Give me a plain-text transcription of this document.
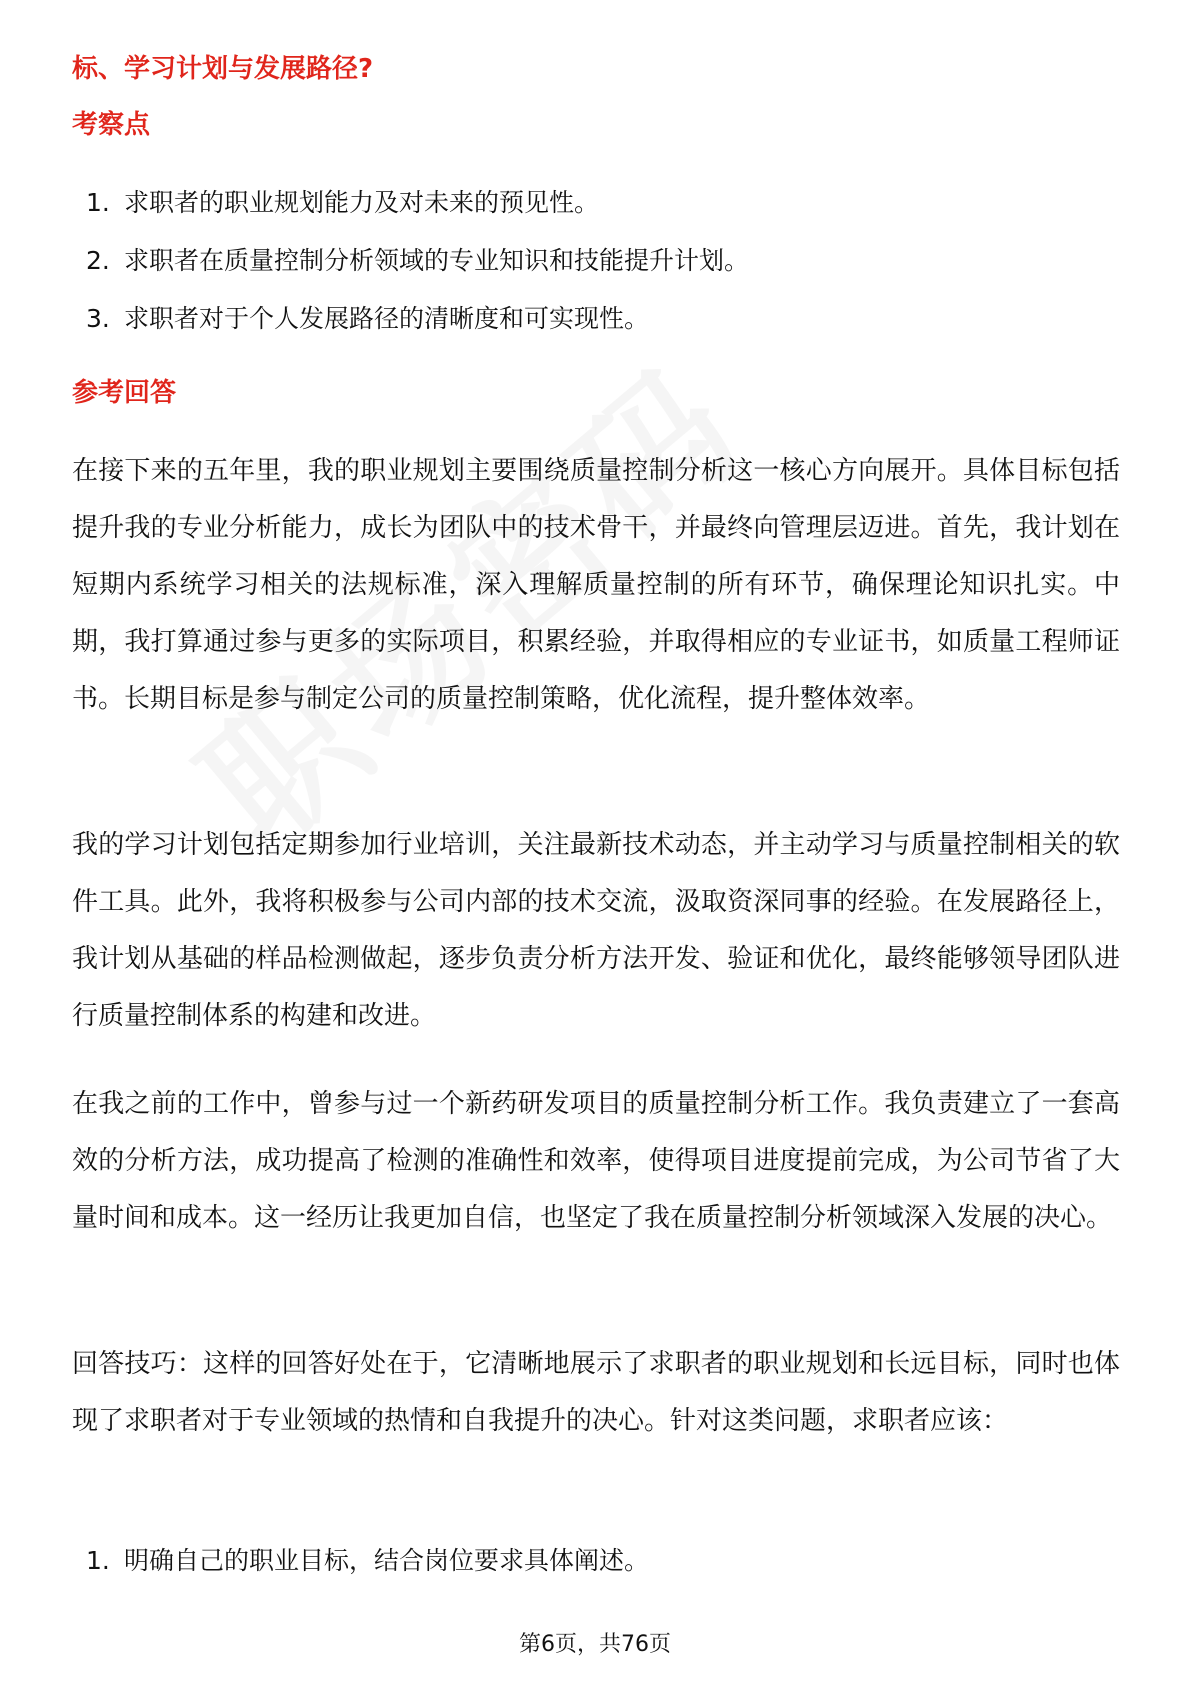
标、学习计划与发展路径?
考察点
1. 求职者的职业规划能力及对未来的预见性。
2. 求职者在质量控制分析领域的专业知识和技能提升计划。
3. 求职者对于个人发展路径的清晰度和可实现性。
参考回答

在接下来的五年里，我的职业规划主要围绕质量控制分析这一核心方向展开。具体目标包括提升我的专业分析能力，成长为团队中的技术骨干，并最终向管理层迈进。首先，我计划在短期内系统学习相关的法规标准，深入理解质量控制的所有环节，确保理论知识扎实。中期，我打算通过参与更多的实际项目，积累经验，并取得相应的专业证书，如质量工程师证书。长期目标是参与制定公司的质量控制策略，优化流程，提升整体效率。

我的学习计划包括定期参加行业培训，关注最新技术动态，并主动学习与质量控制相关的软件工具。此外，我将积极参与公司内部的技术交流，汲取资深同事的经验。在发展路径上，我计划从基础的样品检测做起，逐步负责分析方法开发、验证和优化，最终能够领导团队进行质量控制体系的构建和改进。

在我之前的工作中，曾参与过一个新药研发项目的质量控制分析工作。我负责建立了一套高效的分析方法，成功提高了检测的准确性和效率，使得项目进度提前完成，为公司节省了大量时间和成本。这一经历让我更加自信，也坚定了我在质量控制分析领域深入发展的决心。

回答技巧：这样的回答好处在于，它清晰地展示了求职者的职业规划和长远目标，同时也体现了求职者对于专业领域的热情和自我提升的决心。针对这类问题，求职者应该：

1. 明确自己的职业目标，结合岗位要求具体阐述。
第6页，共76页
